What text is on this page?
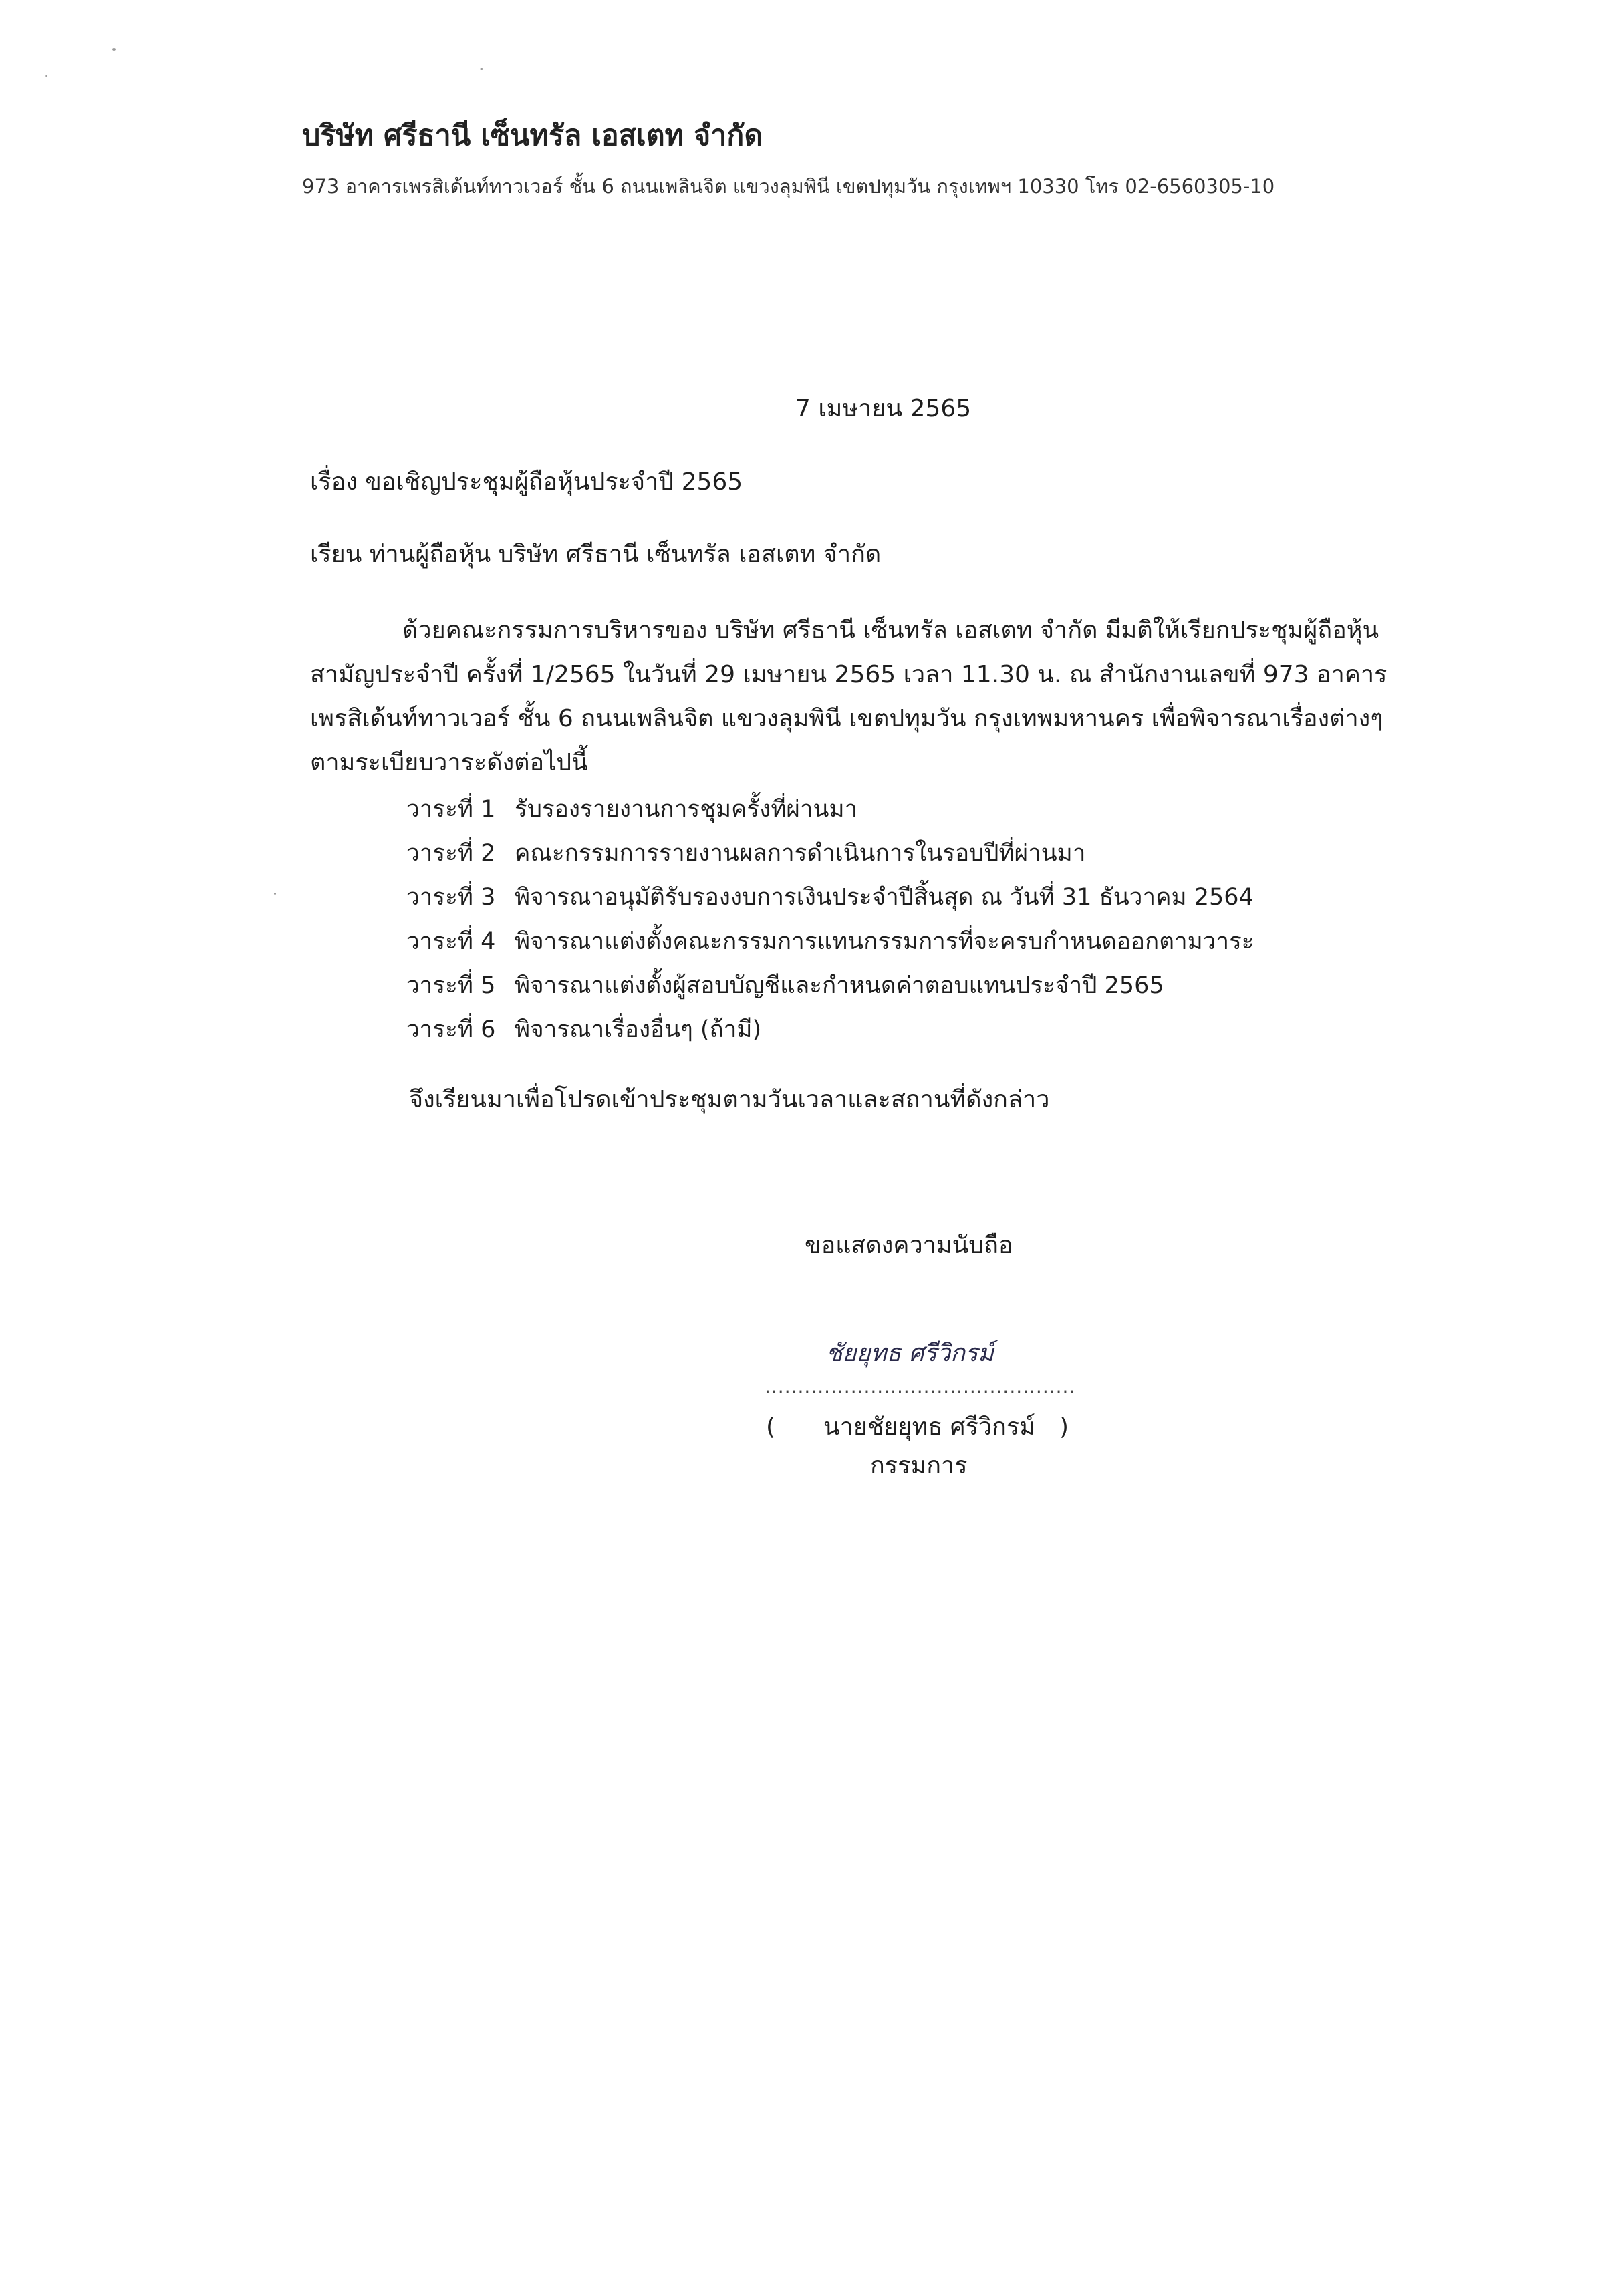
บริษัท ศรีธานี เซ็นทรัล เอสเตท จำกัด
973 อาคารเพรสิเด้นท์ทาวเวอร์ ชั้น 6 ถนนเพลินจิต แขวงลุมพินี เขตปทุมวัน กรุงเทพฯ 10330 โทร 02-6560305-10
7 เมษายน 2565
เรื่อง ขอเชิญประชุมผู้ถือหุ้นประจำปี 2565
เรียน ท่านผู้ถือหุ้น บริษัท ศรีธานี เซ็นทรัล เอสเตท จำกัด
ด้วยคณะกรรมการบริหารของ บริษัท ศรีธานี เซ็นทรัล เอสเตท จำกัด มีมติให้เรียกประชุมผู้ถือหุ้น
สามัญประจำปี ครั้งที่ 1/2565 ในวันที่ 29 เมษายน 2565 เวลา 11.30 น. ณ สำนักงานเลขที่ 973 อาคาร
เพรสิเด้นท์ทาวเวอร์ ชั้น 6 ถนนเพลินจิต แขวงลุมพินี เขตปทุมวัน กรุงเทพมหานคร เพื่อพิจารณาเรื่องต่างๆ
ตามระเบียบวาระดังต่อไปนี้
วาระที่ 1 รับรองรายงานการชุมครั้งที่ผ่านมา
วาระที่ 2 คณะกรรมการรายงานผลการดำเนินการในรอบปีที่ผ่านมา
วาระที่ 3 พิจารณาอนุมัติรับรองงบการเงินประจำปีสิ้นสุด ณ วันที่ 31 ธันวาคม 2564
วาระที่ 4 พิจารณาแต่งตั้งคณะกรรมการแทนกรรมการที่จะครบกำหนดออกตามวาระ
วาระที่ 5 พิจารณาแต่งตั้งผู้สอบบัญชีและกำหนดค่าตอบแทนประจำปี 2565
วาระที่ 6 พิจารณาเรื่องอื่นๆ (ถ้ามี)
จึงเรียนมาเพื่อโปรดเข้าประชุมตามวันเวลาและสถานที่ดังกล่าว
ขอแสดงความนับถือ
ชัยยุทธ ศรีวิกรม์
...............................................
( นายชัยยุทธ ศรีวิกรม์ )
กรรมการ
